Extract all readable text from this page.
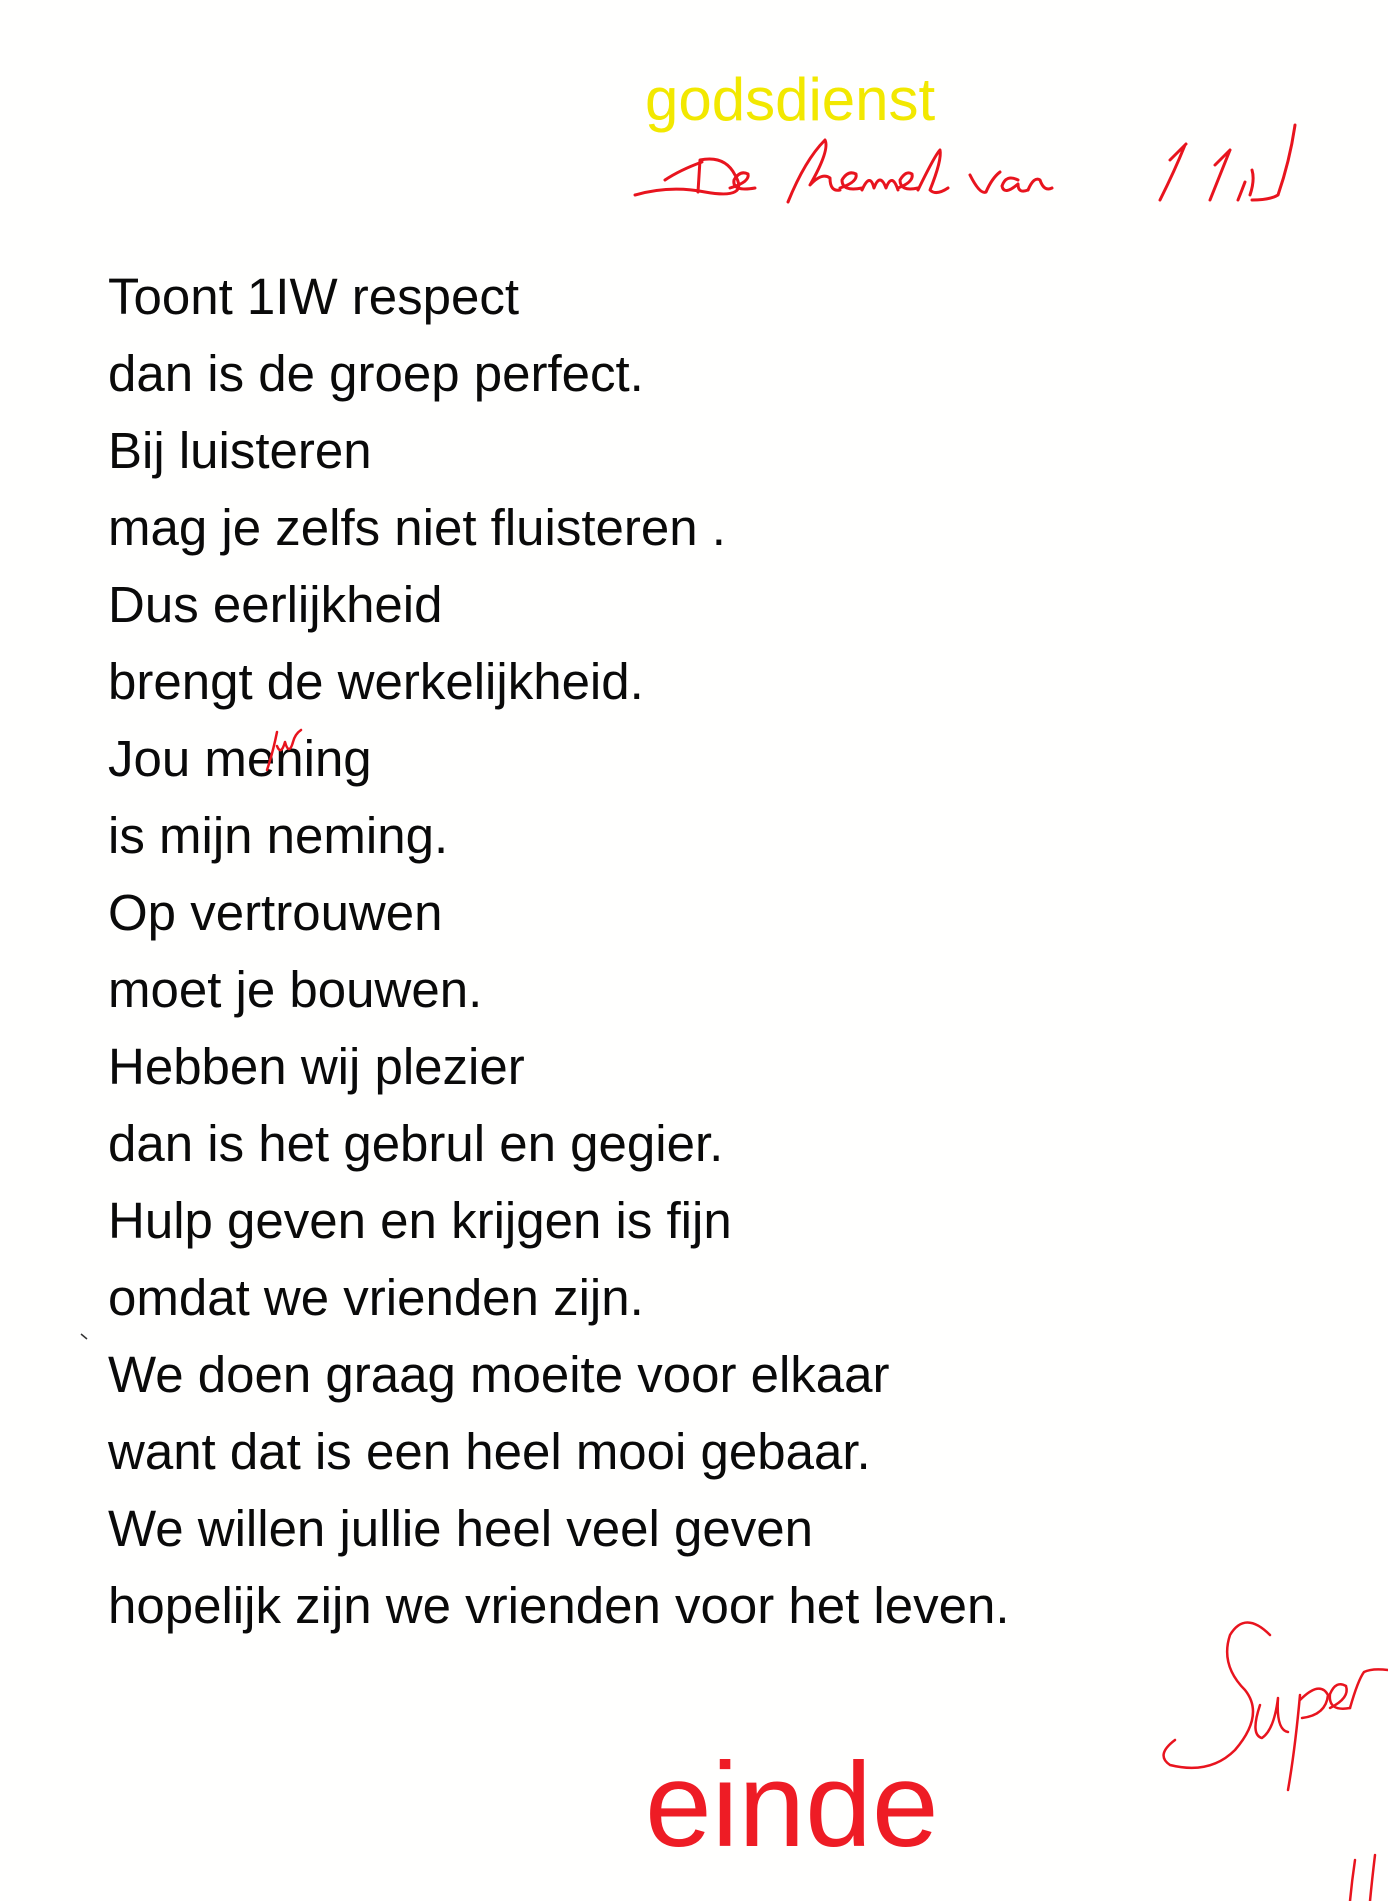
godsdienst
Toont 1IW respect
dan is de groep perfect.
Bij luisteren
mag je zelfs niet fluisteren .
Dus eerlijkheid
brengt de werkelijkheid.
Jou mening
is mijn neming.
Op vertrouwen
moet je bouwen.
Hebben wij plezier
dan is het gebrul en gegier.
Hulp geven en krijgen is fijn
omdat we vrienden zijn.
We doen graag moeite voor elkaar
want dat is een heel mooi gebaar.
We willen jullie heel veel geven
hopelijk zijn we vrienden voor het leven.
einde
